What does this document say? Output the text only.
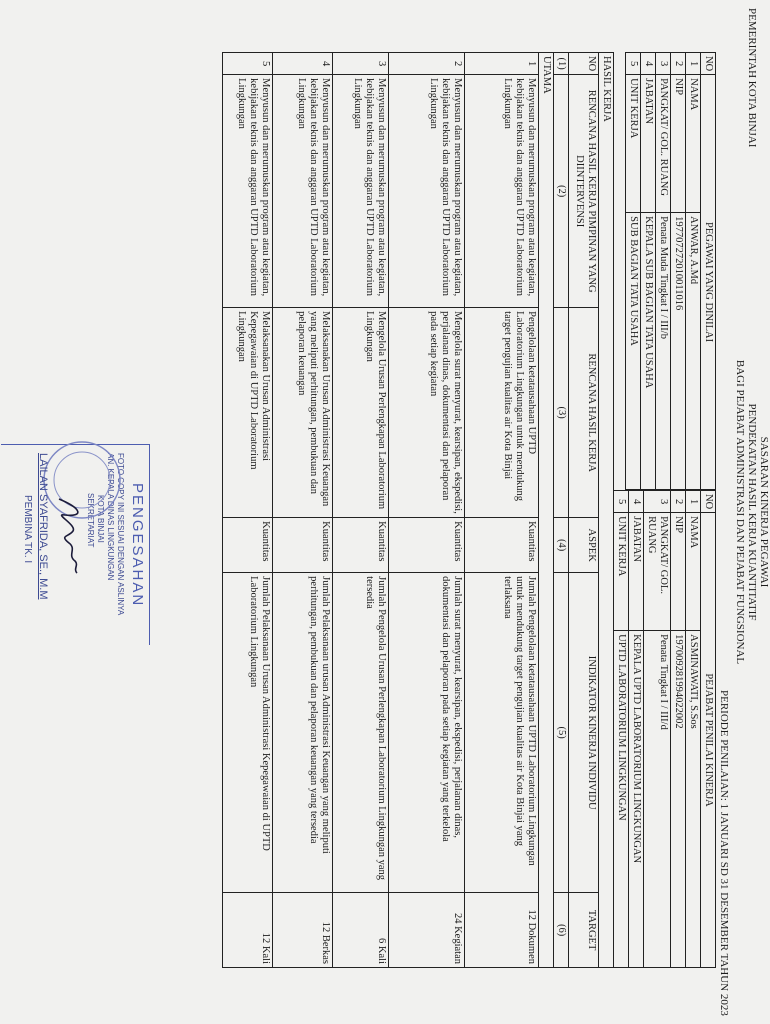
PEMERINTAH KOTA BINJAI
SASARAN KINERJA PEGAWAI
PENDEKATAN HASIL KERJA KUANTITATIF
BAGI PEJABAT ADMINISTRASI DAN PEJABAT FUNGSIONAL
PERIODE PENILAIAN: 1 JANUARI SD 31 DESEMBER TAHUN 2023
NO	PEGAWAI YANG DINILAI	
1	NAMA	ANWAR, A.Md
2	NIP	197707272010011016
3	PANGKAT/ GOL. RUANG	Penata Muda Tingkat I / III/b
4	JABATAN	KEPALA SUB BAGIAN TATA USAHA
5	UNIT KERJA	SUB BAGIAN TATA USAHA
NO	PEJABAT PENILAI KINERJA	
1	NAMA	ASMINAWATI, S.Sos
2	NIP	197009281994022002
3	PANGKAT/ GOL. RUANG	Penata Tingkat I / III/d
4	JABATAN	KEPALA UPTD LABORATORIUM LINGKUNGAN
5	UNIT KERJA	UPTD LABORATORIUM LINGKUNGAN
HASIL KERJA					
NO	RENCANA HASIL KERJA PIMPINAN YANG DIINTERVENSI	RENCANA HASIL KERJA	ASPEK	INDIKATOR KINERJA INDIVIDU	TARGET
(1)	(2)	(3)	(4)	(5)	(6)
UTAMA					
1	Menyusun dan merumuskan program atau kegiatan, kebijakan teknis dan anggaran UPTD Laboratorium Lingkungan	Pengelolaan ketatausahaan UPTD Laboratorium Lingkungan untuk mendukung target pengujian kualitas air Kota Binjai	Kuantitas	Jumlah Pengelolaan ketatausahaan UPTD Laboratorium Lingkungan untuk mendukung target pengujian kualitas air Kota Binjai yang terlaksana	12 Dokumen
2	Menyusun dan merumuskan program atau kegiatan, kebijakan teknis dan anggaran UPTD Laboratorium Lingkungan	Mengelola surat menyurat, kearsipan, ekspedisi, perjalanan dinas, dokumentasi dan pelaporan pada setiap kegiatan	Kuantitas	Jumlah surat menyurat, kearsipan, ekspedisi, perjalanan dinas, dokumentasi dan pelaporan pada setiap kegiatan yang terkelola	24 Kegiatan
3	Menyusun dan merumuskan program atau kegiatan, kebijakan teknis dan anggaran UPTD Laboratorium Lingkungan	Mengelola Urusan Perlengkapan Laboratorium Lingkungan	Kuantitas	Jumlah Pengelola Urusan Perlengkapan Laboratorium Lingkungan yang tersedia	6 Kali
4	Menyusun dan merumuskan program atau kegiatan, kebijakan teknis dan anggaran UPTD Laboratorium Lingkungan	Melaksanakan Urusan Administrasi Keuangan yang meliputi perhitungan, pembukuan dan pelaporan keuangan	Kuantitas	Jumlah Pelaksanaan urusan Administrasi Keuangan yang meliputi perhitungan, pembukuan dan pelaporan keuangan yang tersedia	12 Berkas
5	Menyusun dan merumuskan program atau kegiatan, kebijakan teknis dan anggaran UPTD Laboratorium Lingkungan	Melaksanakan Urusan Administrasi Kepegawaian di UPTD Laboratorium Lingkungan	Kuantitas	Jumlah Pelaksanaan Urusan Administrasi Kepegawaian di UPTD Laboratorium Lingkungan	12 Kali
PENGESAHAN
FOTO COPY INI SESUAI DENGAN ASLINYA
AN. KEPALA DINAS LINGKUNGAN
KOTA BINJAI
SEKRETARIAT
LAILAN SYAFRIDA, SE., M.M
PEMBINA TK. I
